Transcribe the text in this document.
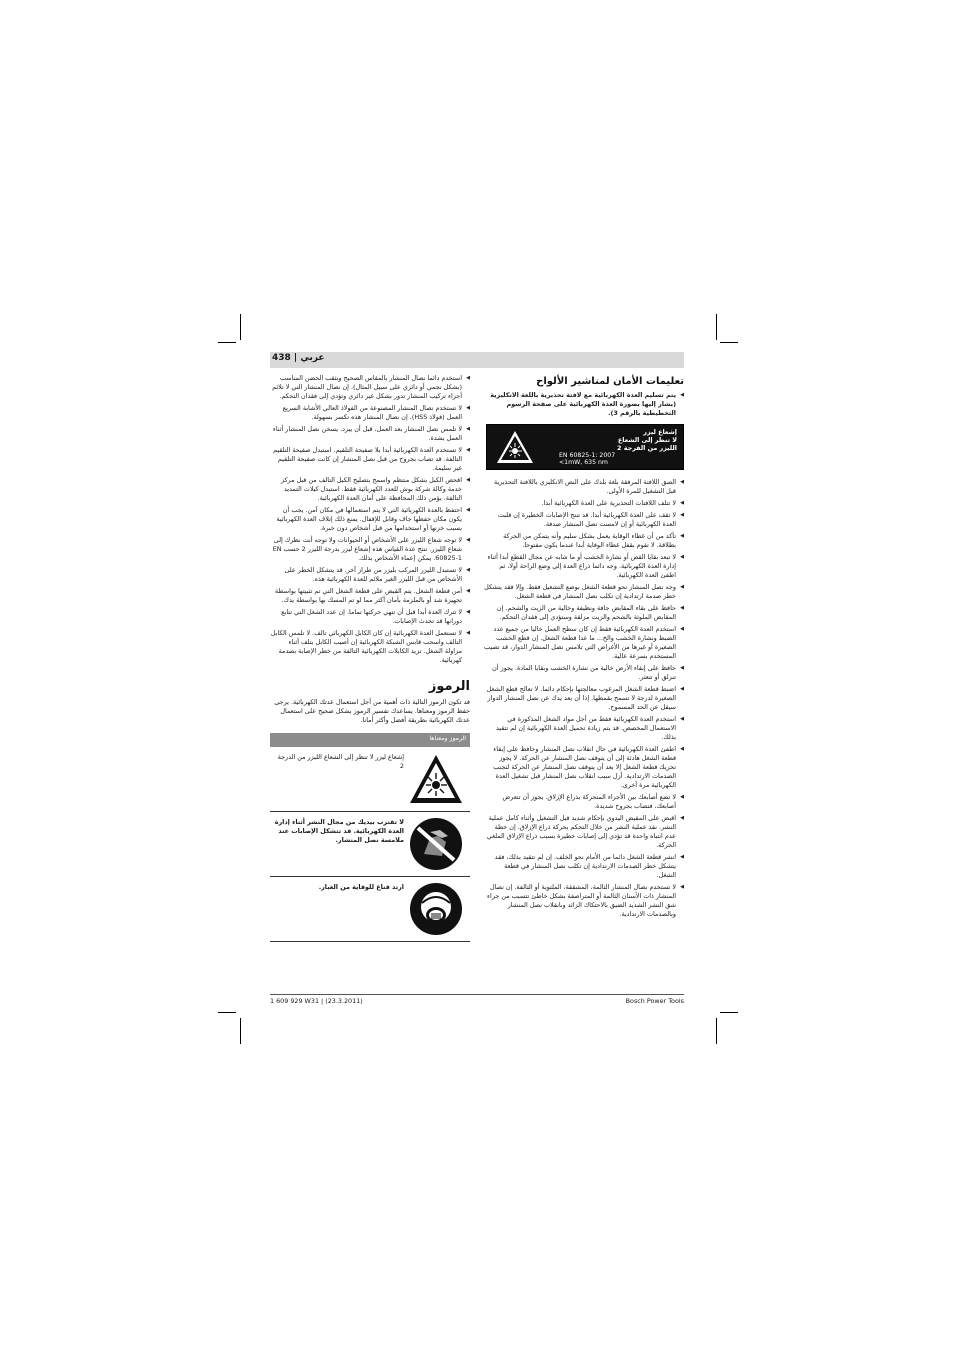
عربي | 438
تعليمات الأمان لمناشير الألواح
◀ يتم تسليم العدة الكهربائية مع لافتة تحذيرية باللغة الانكليزية (يشار إليها بصورة العدة الكهربائية على صفحة الرسوم التخطيطية بالرقم 3).
إشعاع ليزر
لا تنظر إلى الشعاع
الليزر من الفرجة 2
EN 60825-1: 2007
<1mW, 635 nm
◀ الصق اللافتة المرفقة بلغة بلدك على النص الانكليزي باللافتة التحذيرية قبل التشغيل للمرة الأولى.
◀ لا تتلف اللافتات التحذيرية على العدة الكهربائية أبدا.
◀ لا تقف على العدة الكهربائية أبدا. قد تنتج الإصابات الخطيرة إن قلبت العدة الكهربائية أو إن لامست نصل المنشار صدفة.
◀ تأكد من أن غطاء الوقاية يعمل بشكل سليم وأنه يتمكن من الحركة بطلاقة. لا تقوم بقفل غطاء الوقاية أبدا عندما يكون مفتوحا.
◀ لا تبعد بقايا القص أو نشارة الخشب أو ما شابه عن مجال القطع أبدا أثناء إدارة العدة الكهربائية. وجه دائما ذراع العدة إلى وضع الراحة أولا، ثم اطفئ العدة الكهربائية.
◀ وجه نصل المنشار نحو قطعة الشغل بوضع التشغيل فقط. وإلا فقد يتشكل خطر صدمة ارتدادية إن تكلب نصل المنشار في قطعة الشغل.
◀ حافظ على بقاء المقابض جافة ونظيفة وخالية من الزيت والشحم. إن المقابض الملوثة بالشحم والزيت مزلقة وستؤدي إلى فقدان التحكم.
◀ استخدم العدة الكهربائية فقط إن كان سطح العمل خاليا من جميع عدد الضبط ونشارة الخشب والخ... ما عدا قطعة الشغل. إن قطع الخشب الصغيرة أو غيرها من الأغراض التي تلامس نصل المنشار الدوار، قد تصيب المستخدم بسرعة عالية.
◀ حافظ على إبقاء الأرض خالية من نشارة الخشب وبقايا المادة. يجوز أن تنزلق أو تتعثر.
◀ اضبط قطعة الشغل المرغوب معالجتها بإحكام دائما. لا تعالج قطع الشغل الصغيرة لدرجة لا تسمح بقمطها. إذا أن بعد يدك عن نصل المنشار الدوار سيقل عن الحد المسموح.
◀ استخدم العدة الكهربائية فقط من أجل مواد الشغل المذكورة في الاستعمال المخصص. قد يتم زيادة تحميل العدة الكهربائية إن لم تتقيد بذلك.
◀ اطفئ العدة الكهربائية في حال انقلاب نصل المنشار وحافظ على إبقاء قطعة الشغل هادئة إلى أن يتوقف نصل المنشار عن الحركة. لا يجوز تحريك قطعة الشغل إلا بعد أن يتوقف نصل المنشار عن الحركة لتجنب الصدمات الارتدادية. أزل سبب انقلاب نصل المنشار قبل تشغيل العدة الكهربائية مرة أخرى.
◀ لا تضع أصابعك بين الأجزاء المتحركة بذراع الإزلاق. يجوز أن تتعرض أصابعك، فتصاب بجروح شديدة.
◀ اقبض على المقبض اليدوي بإحكام شديد قبل التشغيل وأثناء كامل عملية النشر. نفذ عملية النشر من خلال التحكم بحركة ذراع الإزلاق. إن خطة عدم انتباه واحدة قد تؤدي إلى إصابات خطيرة بسبب ذراع الإزلاق الملغي الحركة.
◀ انشر قطعة الشغل دائما من الأمام نحو الخلف. إن لم تتقيد بذلك، فقد يتشكل خطر الصدمات الارتدادية إن تكلب نصل المنشار في قطعة الشغل.
◀ لا تستخدم نصال المنشار الثالمة، المشققة، الملتوية أو التالفة. إن نصال المنشار ذات الأسنان الثالمة أو المتراصفة بشكل خاطئ تتسبب من جراء شق النشر الشديد الضيق بالاحتكاك الزائد وبانقلاب نصل المنشار وبالصدمات الارتدادية.
◀ استخدم دائما نصال المنشار بالمقاس الصحيح وبثقب الحضن المناسب (بشكل نجمي أو دائري على سبيل المثال). إن نصال المنشار التي لا تلائم أجزاء تركيب المنشار تدور بشكل غير دائري وتؤدي إلى فقدان التحكم.
◀ لا تستخدم نصال المنشار المصنوعة من الفولاذ العالي الأشابة السريع العمل (فولاذ HSS). إن نصال المنشار هذه تكسر بسهولة.
◀ لا تلمس نصل المنشار بعد العمل، قبل أن يبرد. يسخن نصل المنشار أثناء العمل بشدة.
◀ لا تستخدم العدة الكهربائية أبدا بلا صفيحة التلقيم. استبدل صفيحة التلقيم التالفة. قد تصاب بجروح من قبل نصل المنشار إن كانت صفيحة التلقيم غير سليمة.
◀ افحص الكبل بشكل منتظم واسمح بتصليح الكبل التالف من قبل مركز خدمة وكالة شركة بوش للعدد الكهربائية فقط. استبدل كبلات التمديد التالفة. يؤمن ذلك المحافظة على أمان العدة الكهربائية.
◀ احتفظ بالعدة الكهربائية التي لا يتم استعمالها في مكان آمن. يجب أن يكون مكان حفظها جاف وقابل للإقفال. يمنع ذلك إتلاف العدة الكهربائية بسبب خزنها أو استخدامها من قبل أشخاص دون خبرة.
◀ لا توجه شعاع الليزر على الأشخاص أو الحيوانات ولا توجه أنت نظرك إلى شعاع الليزر. تنتج عدة القياس هذه إشعاع ليزر بدرجة الليزر 2 حسب EN 60825-1. يمكن إعماء الأشخاص بذلك.
◀ لا تستبدل الليزر المركب بليزر من طراز آخر. قد يتشكل الخطر على الأشخاص من قبل الليزر الغير ملائم للعدة الكهربائية هذه.
◀ أمن قطعة الشغل. يتم القبض على قطعة الشغل التي تم تثبيتها بواسطة تجهيزة شد أو بالملزمة بأمان أكثر مما لو تم المسك بها بواسطة يدك.
◀ لا تترك العدة أبدا قبل أن تتهي حركتها تماما. إن عدد الشغل التي تتابع دورانها قد تحدث الإصابات.
◀ لا تستعمل العدة الكهربائية إن كان الكابل الكهربائي تالف. لا تلمس الكابل التالف واسحب قابس الشبكة الكهربائية إن أصيب الكابل بتلف أثناء مزاولة الشغل. تزيد الكابلات الكهربائية التالفة من خطر الإصابة بصدمة كهربائية.
الرموز
قد تكون الرموز التالية ذات أهمية من أجل استعمال عدتك الكهربائية. يرجى حفظ الرموز ومعناها. يساعدك تفسير الرموز بشكل صحيح على استعمال عدتك الكهربائية بطريقة أفضل وأكثر أمانا.
الرموز ومعناها
إشعاع ليزر لا تنظر إلى الشعاع الليزر من الدرجة 2
لا تقترب بيديك من مجال النشر أثناء إدارة العدة الكهربائية. قد تتشكل الإصابات عند ملامسة نصل المنشار.
ارتد قناع للوقاية من الغبار.
1 609 929 W31 | (23.3.2011)	Bosch Power Tools
